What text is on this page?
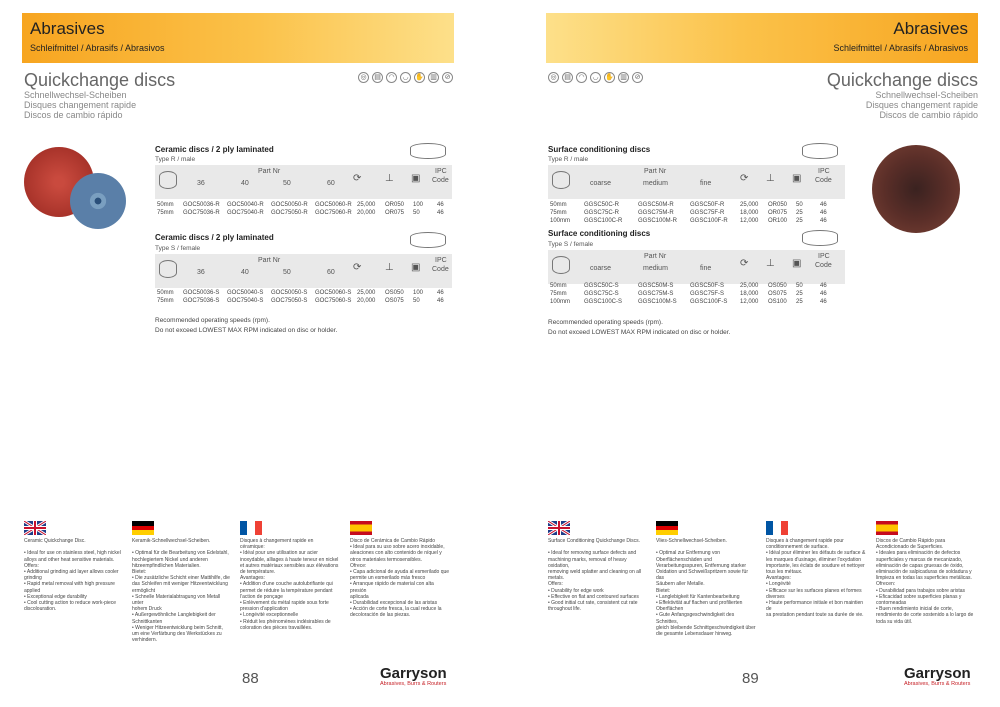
Abrasives
Schleifmittel / Abrasifs / Abrasivos
Quickchange discs
Schnellwechsel-Scheiben
Disques changement rapide
Discos de cambio rápido
◎	▤	◠	◡ ✋ ▥	⊘
Ceramic discs / 2 ply laminated
Type R / male
Part Nr
36	40	50	60 ⟳ ⊥ ▣
IPC
Code
50mm GOC50036-R GOC50040-R GOC50050-R GOC50060-R 25,000 OR050 100 46
75mm GOC75036-R GOC75040-R GOC75050-R GOC75060-R 20,000 OR075 50	46
Ceramic discs / 2 ply laminated
Type S / female
Part Nr
36	40	50	60 ⟳ ⊥ ▣
IPC
Code
50mm GOC50036-S GOC50040-S GOC50050-S GOC50060-S 25,000 OS050 100 46
75mm GOC75036-S GOC75040-S GOC75050-S GOC75060-S 20,000 OS075 50	46
Recommended operating speeds (rpm).
Do not exceed LOWEST MAX RPM indicated on disc or holder.
Ceramic Quickchange Disc.

• Ideal for use on stainless steel, high nickel
alloys and other heat sensitive materials.
Offers:
• Additional grinding aid layer allows cooler
grinding
• Rapid metal removal with high pressure
applied
• Exceptional edge durability
• Cool cutting action to reduce work-piece
discolouration.
Keramik-Schnellwechsel-Scheiben.

• Optimal für die Bearbeitung von Edelstahl,
hochlegiertem Nickel und anderen
hitzeempfindlichen Materialien.
Bietet:
• Die zusätzliche Schicht einer Mattihilfe, die
das Schleifen mit weniger Hitzeentwicklung
ermöglicht
• Schnelle Materialabtragung von Metall unter
hohem Druck
• Außergewöhnliche Langlebigkeit der
Schnittkanten
• Weniger Hitzeentwicklung beim Schnitt,
um eine Verfärbung des Werkstückes zu
verhindern.
Disques à changement rapide en
céramique:
• Idéal pour une utilisation sur acier
inoxydable, alliages à haute teneur en nickel
et autres matériaux sensibles aux élévations
de température.
Avantages:
• Addition d'une couche autolubrifiante qui
permet de réduire la température pendant
l'action de ponçage
• Enlèvement du métal rapide sous forte
pression d'application
• Longévité exceptionnelle
• Réduit les phénomènes indésirables de
coloration des pièces travaillées.
Disco de Cerámica de Cambio Rápido
• Ideal para su uso sobre acero inoxidable,
aleaciones con alto contenido de níquel y
otros materiales termosensibles.
Ofrece:
• Capa adicional de ayuda al esmerilado que
permite un esmerilado más fresco
• Arranque rápido de material con alta presión
aplicada
• Durabilidad excepcional de las aristas
• Acción de corte fresca, la cual reduce la
decoloración de las piezas.
88	Garryson
Abrasives, Burrs & Routers
Abrasives
Schleifmittel / Abrasifs / Abrasivos
Quickchange discs
Schnellwechsel-Scheiben
Disques changement rapide
Discos de cambio rápido
◎	▤	◠	◡ ✋ ▥	⊘
Surface conditioning discs
Type R / male
Part Nr
coarse	medium	fine	⟳ ⊥ ▣
IPC
Code
50mm	GGSC50C-R	GGSC50M-R	GGSC50F-R	25,000 OR050 50	46
75mm	GGSC75C-R	GGSC75M-R	GGSC75F-R	18,000 OR075 25	46
100mm GGSC100C-R	GGSC100M-R GGSC100F-R 12,000 OR100 25	46
Surface conditioning discs
Type S / female
Part Nr
coarse	medium	fine	⟳ ⊥ ▣
IPC
Code
50mm	GGSC50C-S	GGSC50M-S	GGSC50F-S	25,000 OS050 50	46
75mm	GGSC75C-S	GGSC75M-S	GGSC75F-S	18,000 OS075 25	46
100mm GGSC100C-S	GGSC100M-S GGSC100F-S 12,000 OS100 25	46
Recommended operating speeds (rpm).
Do not exceed LOWEST MAX RPM indicated on disc or holder.
Surface Conditioning Quickchange Discs.

• Ideal for removing surface defects and
machining marks, removal of heavy oxidation,
removing weld splatter and cleaning on all
metals.
Offers:
• Durability for edge work
• Effective on flat and contoured surfaces
• Good initial cut rate, consistent cut rate
throughout life.
Vlies-Schnellwechsel-Scheiben.

• Optimal zur Entfernung von
Oberflächenschäden und
Verarbeitungsspuren, Entfernung starker
Oxidation und Schweißspritzern sowie für das
Säubern aller Metalle.
Bietet:
• Langlebigkeit für Kantenbearbeitung
• Effektivität auf flachen und profilierten
Oberflächen
• Gute Anfangsgeschwindigkeit des Schnittes,
gleich bleibende Schnittgeschwindigkeit über
die gesamte Lebensdauer hinweg.
Disques à changement rapide pour
conditionnement de surface.
• Idéal pour éliminer les défauts de surface &
les marques d'usinage, éliminer l'oxydation
importante, les éclats de soudure et nettoyer
tous les métaux.
Avantages:
• Longévité
• Efficace sur les surfaces planes et formes
diverses
• Haute performance initiale et bon maintien de
sa prestation pendant toute sa durée de vie.
Discos de Cambio Rápido para
Acondicionado de Superficies.
• Ideales para eliminación de defectos
superficiales y marcas de mecanizado,
eliminación de capas gruesas de óxido,
eliminación de salpicaduras de soldadura y
limpieza en todas las superficies metálicas.
Ofrecen:
• Durabilidad para trabajos sobre aristas
• Eficacidad sobre superficies planas y
contorneadas
• Buen rendimiento inicial de corte,
rendimiento de corte sostenido a lo largo de
toda su vida útil.
89	Garryson
Abrasives, Burrs & Routers
